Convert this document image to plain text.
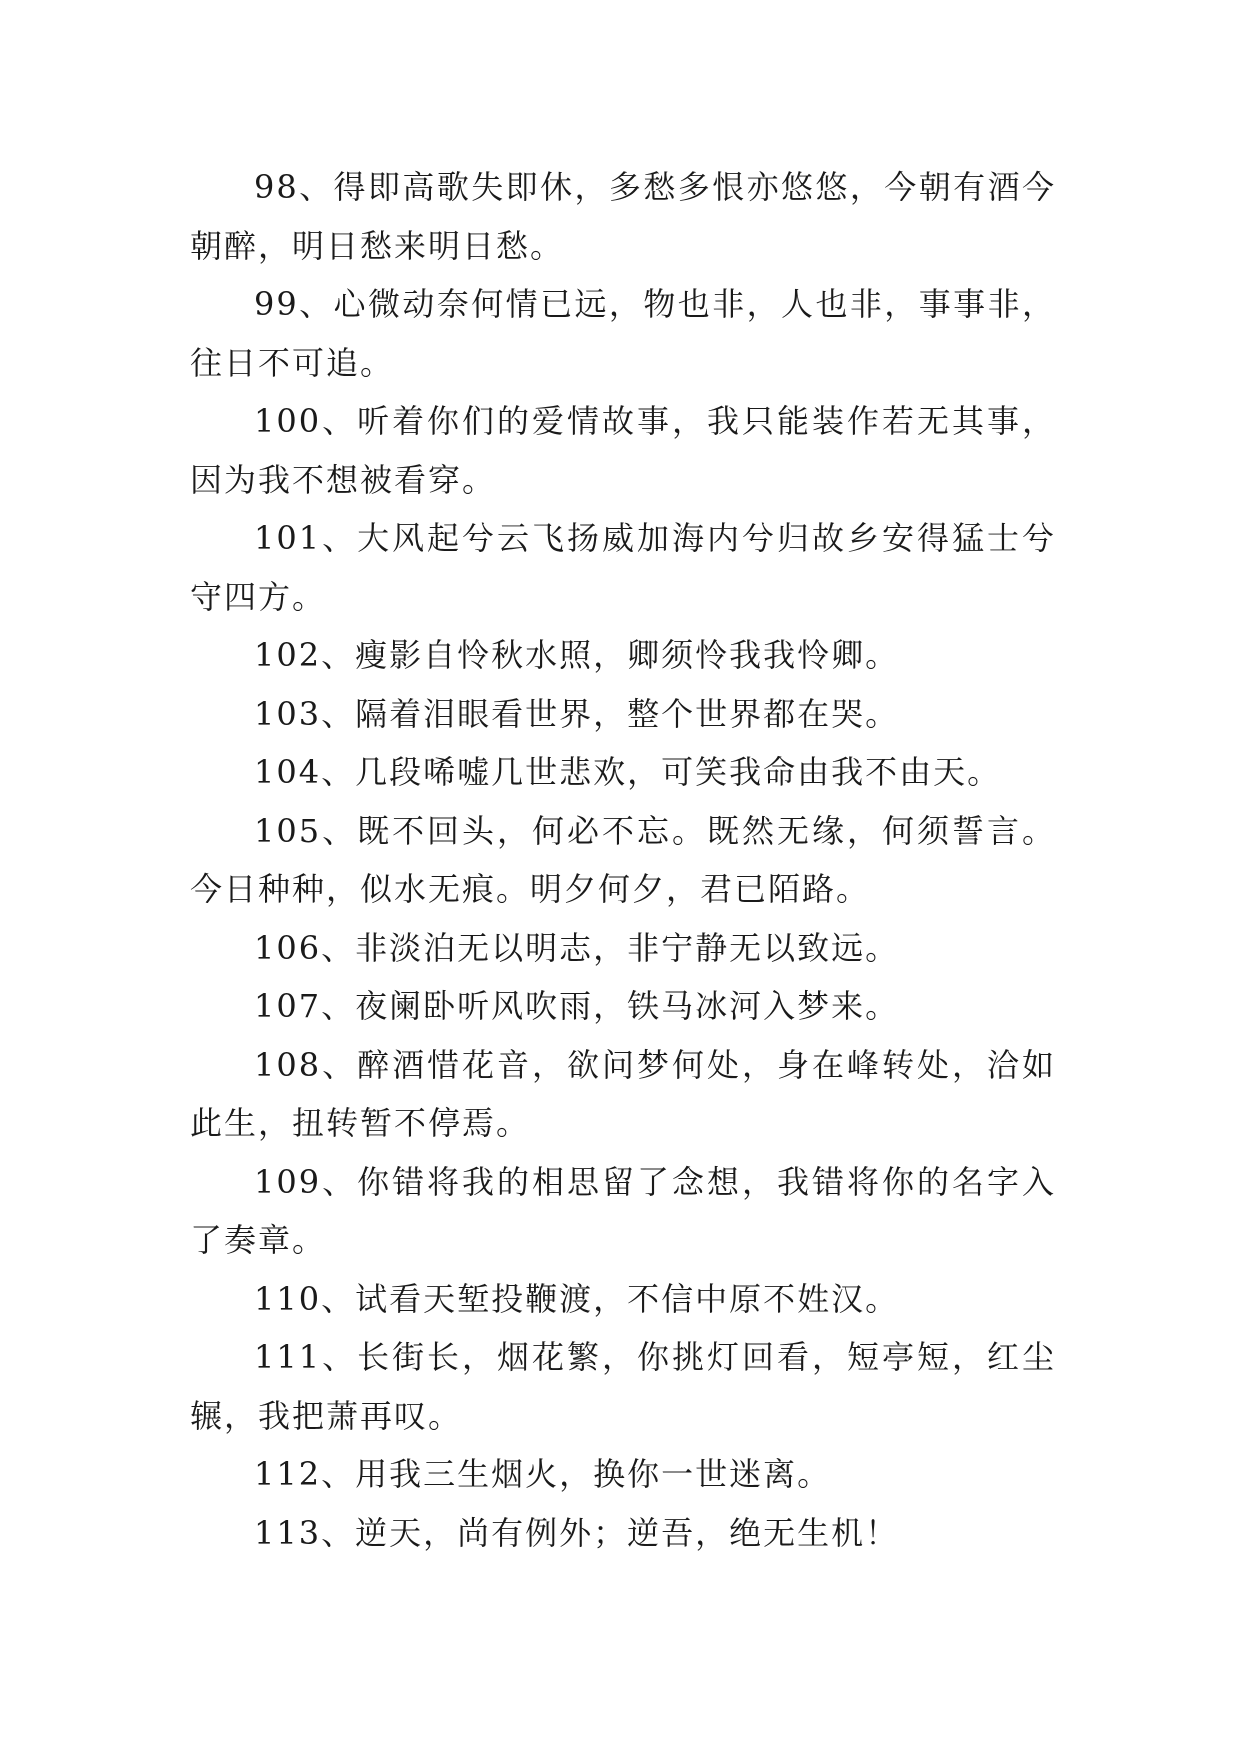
98、得即高歌失即休，多愁多恨亦悠悠，今朝有酒今朝醉，明日愁来明日愁。

99、心微动奈何情已远，物也非，人也非，事事非，往日不可追。

100、听着你们的爱情故事，我只能装作若无其事，因为我不想被看穿。

101、大风起兮云飞扬威加海内兮归故乡安得猛士兮守四方。

102、瘦影自怜秋水照，卿须怜我我怜卿。

103、隔着泪眼看世界，整个世界都在哭。

104、几段唏嘘几世悲欢，可笑我命由我不由天。

105、既不回头，何必不忘。既然无缘，何须誓言。今日种种，似水无痕。明夕何夕，君已陌路。

106、非淡泊无以明志，非宁静无以致远。

107、夜阑卧听风吹雨，铁马冰河入梦来。

108、醉酒惜花音，欲问梦何处，身在峰转处，洽如此生，扭转暂不停焉。

109、你错将我的相思留了念想，我错将你的名字入了奏章。

110、试看天堑投鞭渡，不信中原不姓汉。

111、长街长，烟花繁，你挑灯回看，短亭短，红尘辗，我把萧再叹。

112、用我三生烟火，换你一世迷离。

113、逆天，尚有例外；逆吾，绝无生机！
